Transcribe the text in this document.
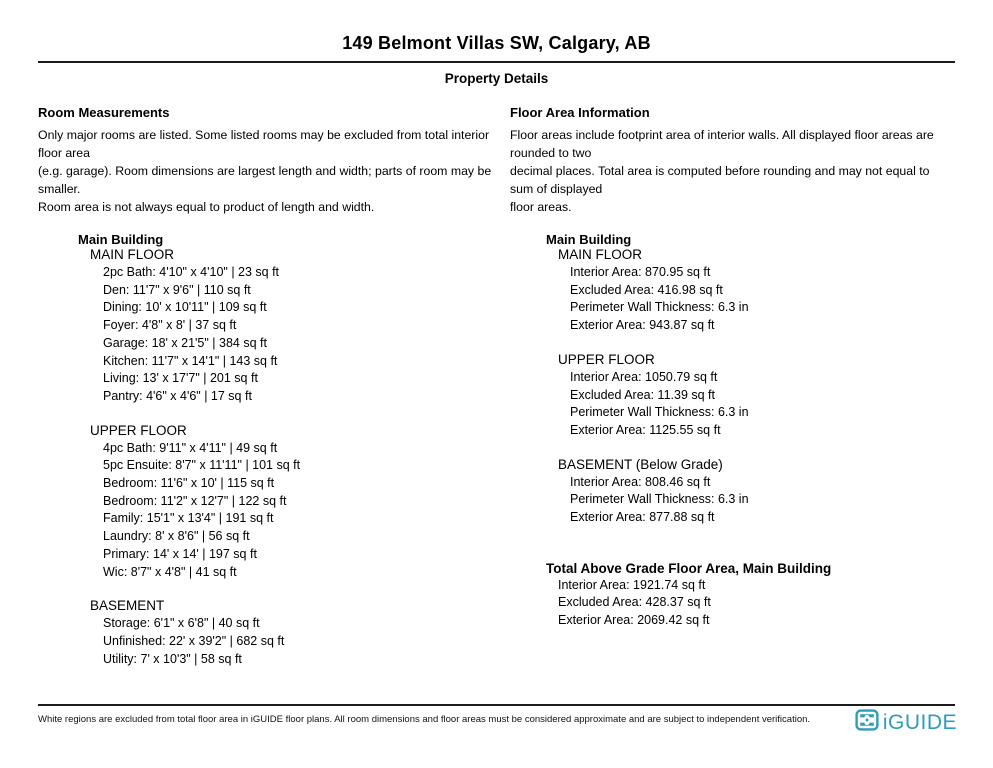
149 Belmont Villas SW, Calgary, AB
Property Details
Room Measurements
Only major rooms are listed. Some listed rooms may be excluded from total interior floor area
(e.g. garage). Room dimensions are largest length and width; parts of room may be smaller.
Room area is not always equal to product of length and width.
Main Building
MAIN FLOOR
2pc Bath: 4'10" x 4'10" | 23 sq ft
Den: 11'7" x 9'6" | 110 sq ft
Dining: 10' x 10'11" | 109 sq ft
Foyer: 4'8" x 8' | 37 sq ft
Garage: 18' x 21'5" | 384 sq ft
Kitchen: 11'7" x 14'1" | 143 sq ft
Living: 13' x 17'7" | 201 sq ft
Pantry: 4'6" x 4'6" | 17 sq ft
UPPER FLOOR
4pc Bath: 9'11" x 4'11" | 49 sq ft
5pc Ensuite: 8'7" x 11'11" | 101 sq ft
Bedroom: 11'6" x 10' | 115 sq ft
Bedroom: 11'2" x 12'7" | 122 sq ft
Family: 15'1" x 13'4" | 191 sq ft
Laundry: 8' x 8'6" | 56 sq ft
Primary: 14' x 14' | 197 sq ft
Wic: 8'7" x 4'8" | 41 sq ft
BASEMENT
Storage: 6'1" x 6'8" | 40 sq ft
Unfinished: 22' x 39'2" | 682 sq ft
Utility: 7' x 10'3" | 58 sq ft
Floor Area Information
Floor areas include footprint area of interior walls. All displayed floor areas are rounded to two
decimal places. Total area is computed before rounding and may not equal to sum of displayed
floor areas.
Main Building
MAIN FLOOR
Interior Area: 870.95 sq ft
Excluded Area: 416.98 sq ft
Perimeter Wall Thickness: 6.3 in
Exterior Area: 943.87 sq ft
UPPER FLOOR
Interior Area: 1050.79 sq ft
Excluded Area: 11.39 sq ft
Perimeter Wall Thickness: 6.3 in
Exterior Area: 1125.55 sq ft
BASEMENT (Below Grade)
Interior Area: 808.46 sq ft
Perimeter Wall Thickness: 6.3 in
Exterior Area: 877.88 sq ft
Total Above Grade Floor Area, Main Building
Interior Area: 1921.74 sq ft
Excluded Area: 428.37 sq ft
Exterior Area: 2069.42 sq ft
White regions are excluded from total floor area in iGUIDE floor plans. All room dimensions and floor areas must be considered approximate and are subject to independent verification.	iGUIDE
